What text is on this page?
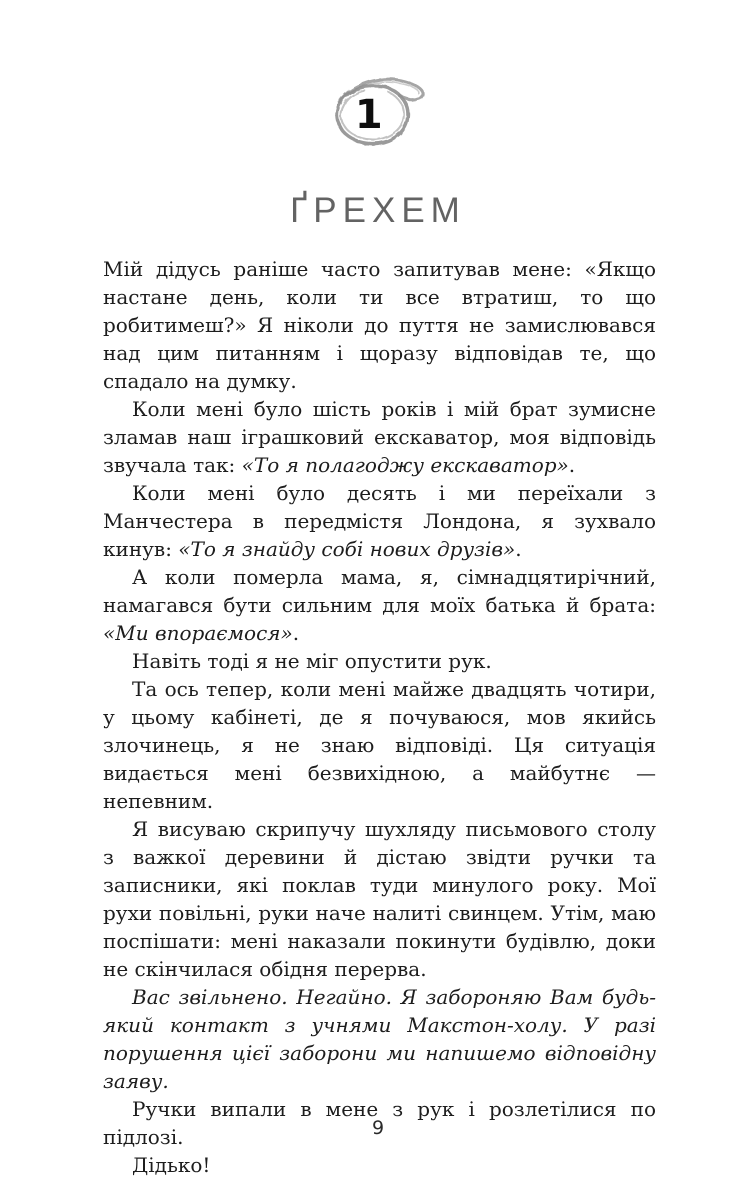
1
ҐРЕХЕМ

Мій дідусь раніше часто запитував мене: «Якщо настане день, коли ти все втратиш, то що робитимеш?» Я ніколи до пуття не замислювався над цим питанням і щоразу відповідав те, що спадало на думку.

Коли мені було шість років і мій брат зумисне зламав наш іграшковий екскаватор, моя відповідь звучала так: «То я полагоджу екскаватор».

Коли мені було десять і ми переїхали з Манчестера в передмістя Лондона, я зухвало кинув: «То я знайду собі нових друзів».

А коли померла мама, я, сімнадцятирічний, намагався бути сильним для моїх батька й брата: «Ми впораємося».

Навіть тоді я не міг опустити рук.

Та ось тепер, коли мені майже двадцять чотири, у цьому кабінеті, де я почуваюся, мов якийсь злочинець, я не знаю відповіді. Ця ситуація видається мені безвихідною, а майбутнє — непевним.

Я висуваю скрипучу шухляду письмового столу з важкої деревини й дістаю звідти ручки та записники, які поклав туди минулого року. Мої рухи повільні, руки наче налиті свинцем. Утім, маю поспішати: мені наказали покинути будівлю, доки не скінчилася обідня перерва.

Вас звільнено. Негайно. Я забороняю Вам будь-який контакт з учнями Макстон-холу. У разі порушення цієї заборони ми напишемо відповідну заяву.

Ручки випали в мене з рук і розлетілися по підлозі.

Дідько!

9
